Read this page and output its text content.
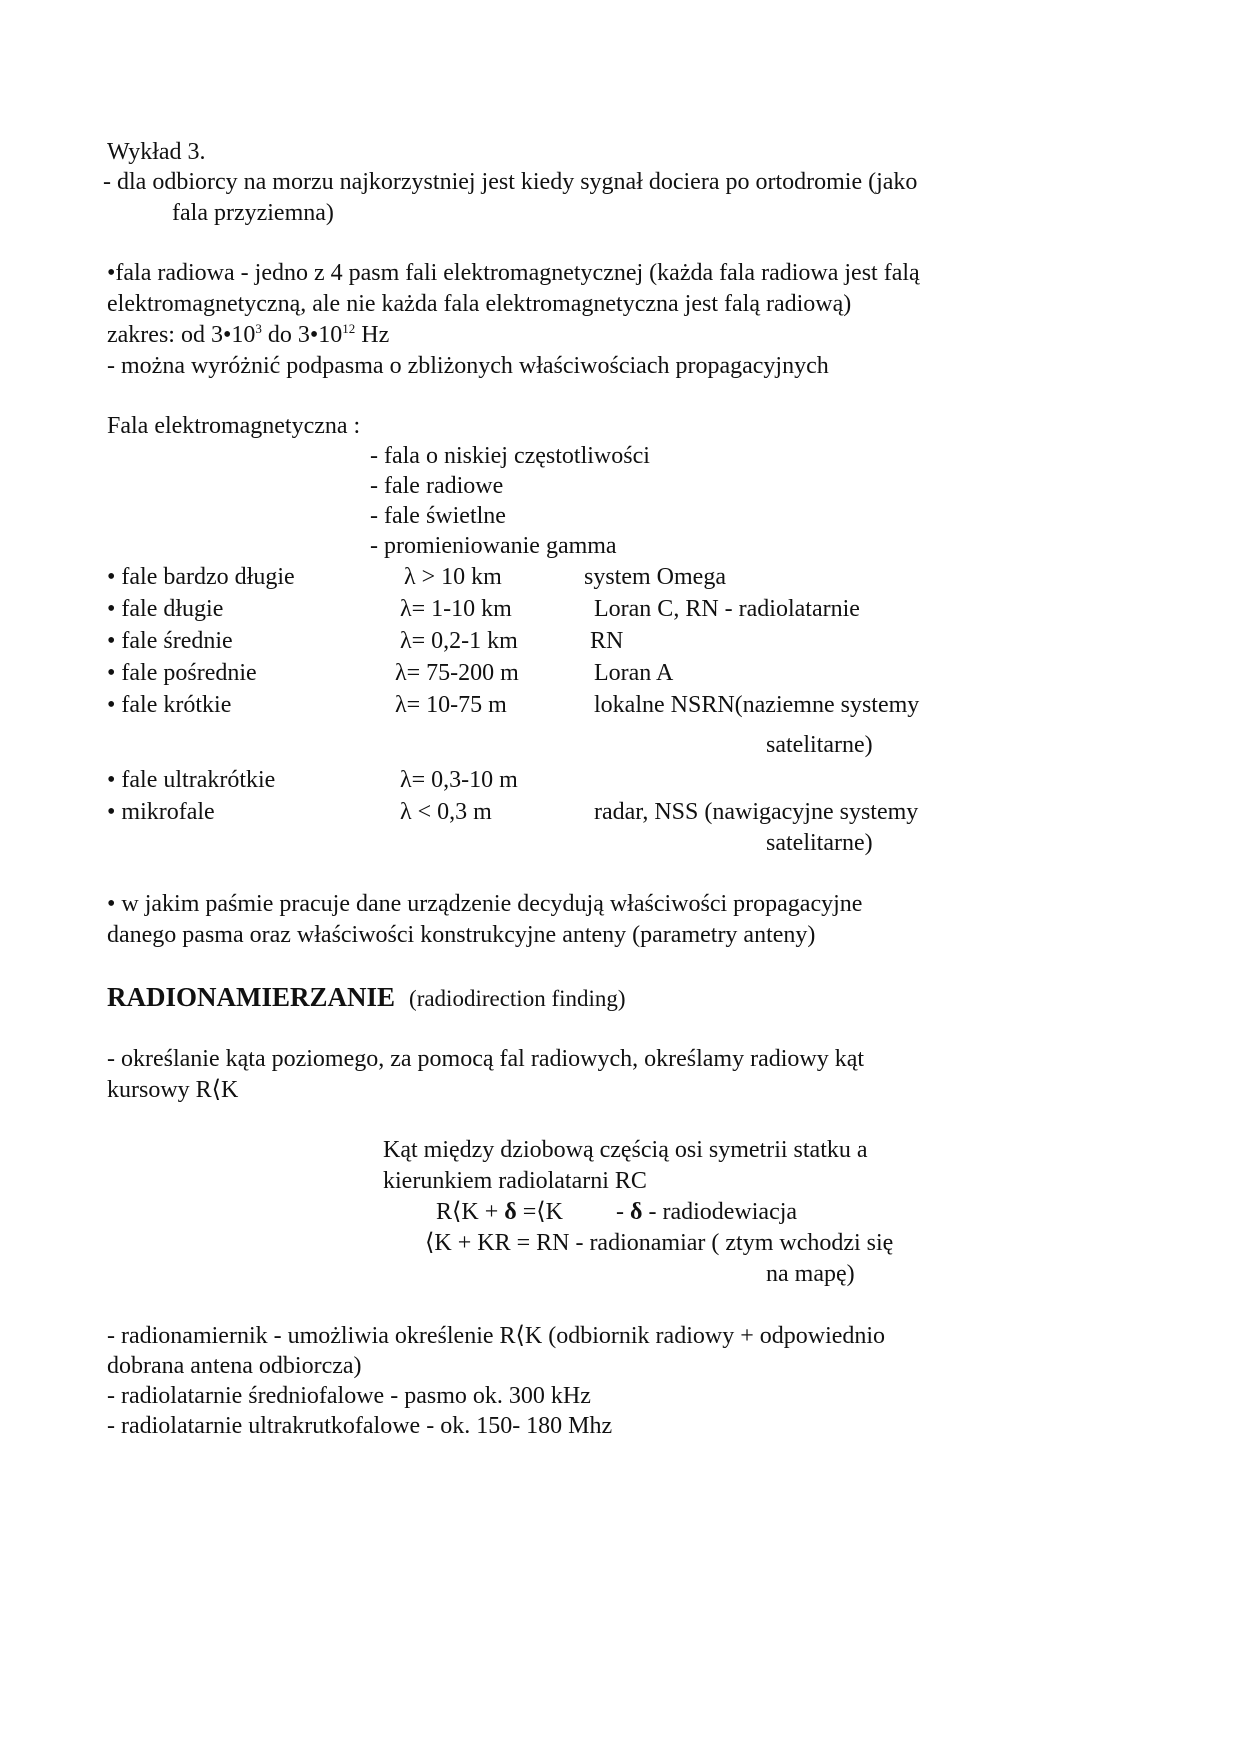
Wykład 3.
- dla odbiorcy na morzu najkorzystniej jest kiedy sygnał dociera po ortodromie (jako
fala przyziemna)
•fala radiowa - jedno z 4 pasm fali elektromagnetycznej (każda fala radiowa jest falą
elektromagnetyczną, ale nie każda fala elektromagnetyczna jest falą radiową)
zakres: od $3•10^3$ do $3•10^{12}$ Hz
- można wyróżnić podpasma o zbliżonych właściwościach propagacyjnych
Fala elektromagnetyczna :
- fala o niskiej częstotliwości
- fale radiowe
- fale świetlne
- promieniowanie gamma
• fale bardzo długie	λ > 10 km	system Omega
• fale długie	λ= 1-10 km	Loran C, RN - radiolatarnie
• fale średnie	λ= 0,2-1 km	RN
• fale pośrednie	λ= 75-200 m	Loran A
• fale krótkie	λ= 10-75 m	lokalne NSRN(naziemne systemy
satelitarne)
• fale ultrakrótkie	λ= 0,3-10 m
• mikrofale	λ < 0,3 m	radar, NSS (nawigacyjne systemy
satelitarne)
• w jakim paśmie pracuje dane urządzenie decydują właściwości propagacyjne
danego pasma oraz właściwości konstrukcyjne anteny (parametry anteny)
RADIONAMIERZANIE (radiodirection finding)
- określanie kąta poziomego, za pomocą fal radiowych, określamy radiowy kąt
kursowy R⟨K
Kąt między dziobową częścią osi symetrii statku a
kierunkiem radiolatarni RC
R⟨K + δ =⟨K - δ - radiodewiacja
⟨K + KR = RN - radionamiar ( ztym wchodzi się
na mapę)
- radionamiernik - umożliwia określenie R⟨K (odbiornik radiowy + odpowiednio
dobrana antena odbiorcza)
- radiolatarnie średniofalowe - pasmo ok. 300 kHz
- radiolatarnie ultrakrutkofalowe - ok. 150- 180 Mhz
